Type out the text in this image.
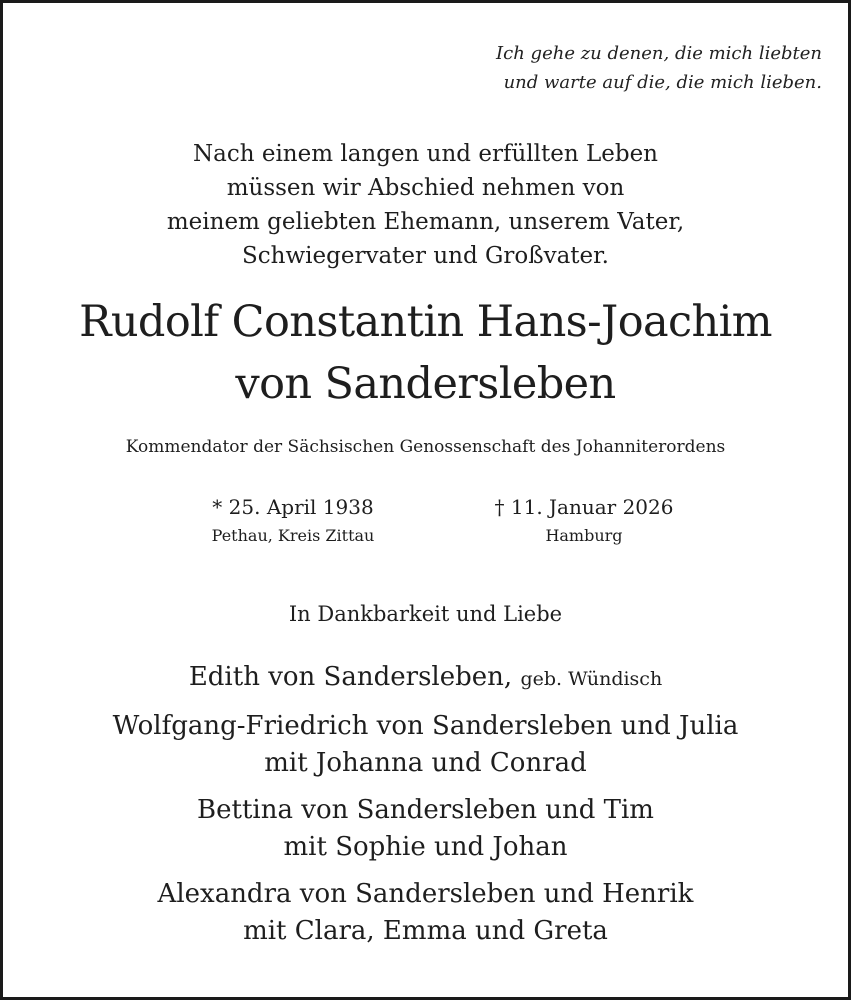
Ich gehe zu denen, die mich liebten
und warte auf die, die mich lieben.
Nach einem langen und erfüllten Leben
müssen wir Abschied nehmen von
meinem geliebten Ehemann, unserem Vater,
Schwiegervater und Großvater.
Rudolf Constantin Hans-Joachim
von Sandersleben
Kommendator der Sächsischen Genossenschaft des Johanniterordens
* 25. April 1938
Pethau, Kreis Zittau
† 11. Januar 2026
Hamburg
In Dankbarkeit und Liebe
Edith von Sandersleben, geb. Wündisch
Wolfgang-Friedrich von Sandersleben und Julia
mit Johanna und Conrad
Bettina von Sandersleben und Tim
mit Sophie und Johan
Alexandra von Sandersleben und Henrik
mit Clara, Emma und Greta
